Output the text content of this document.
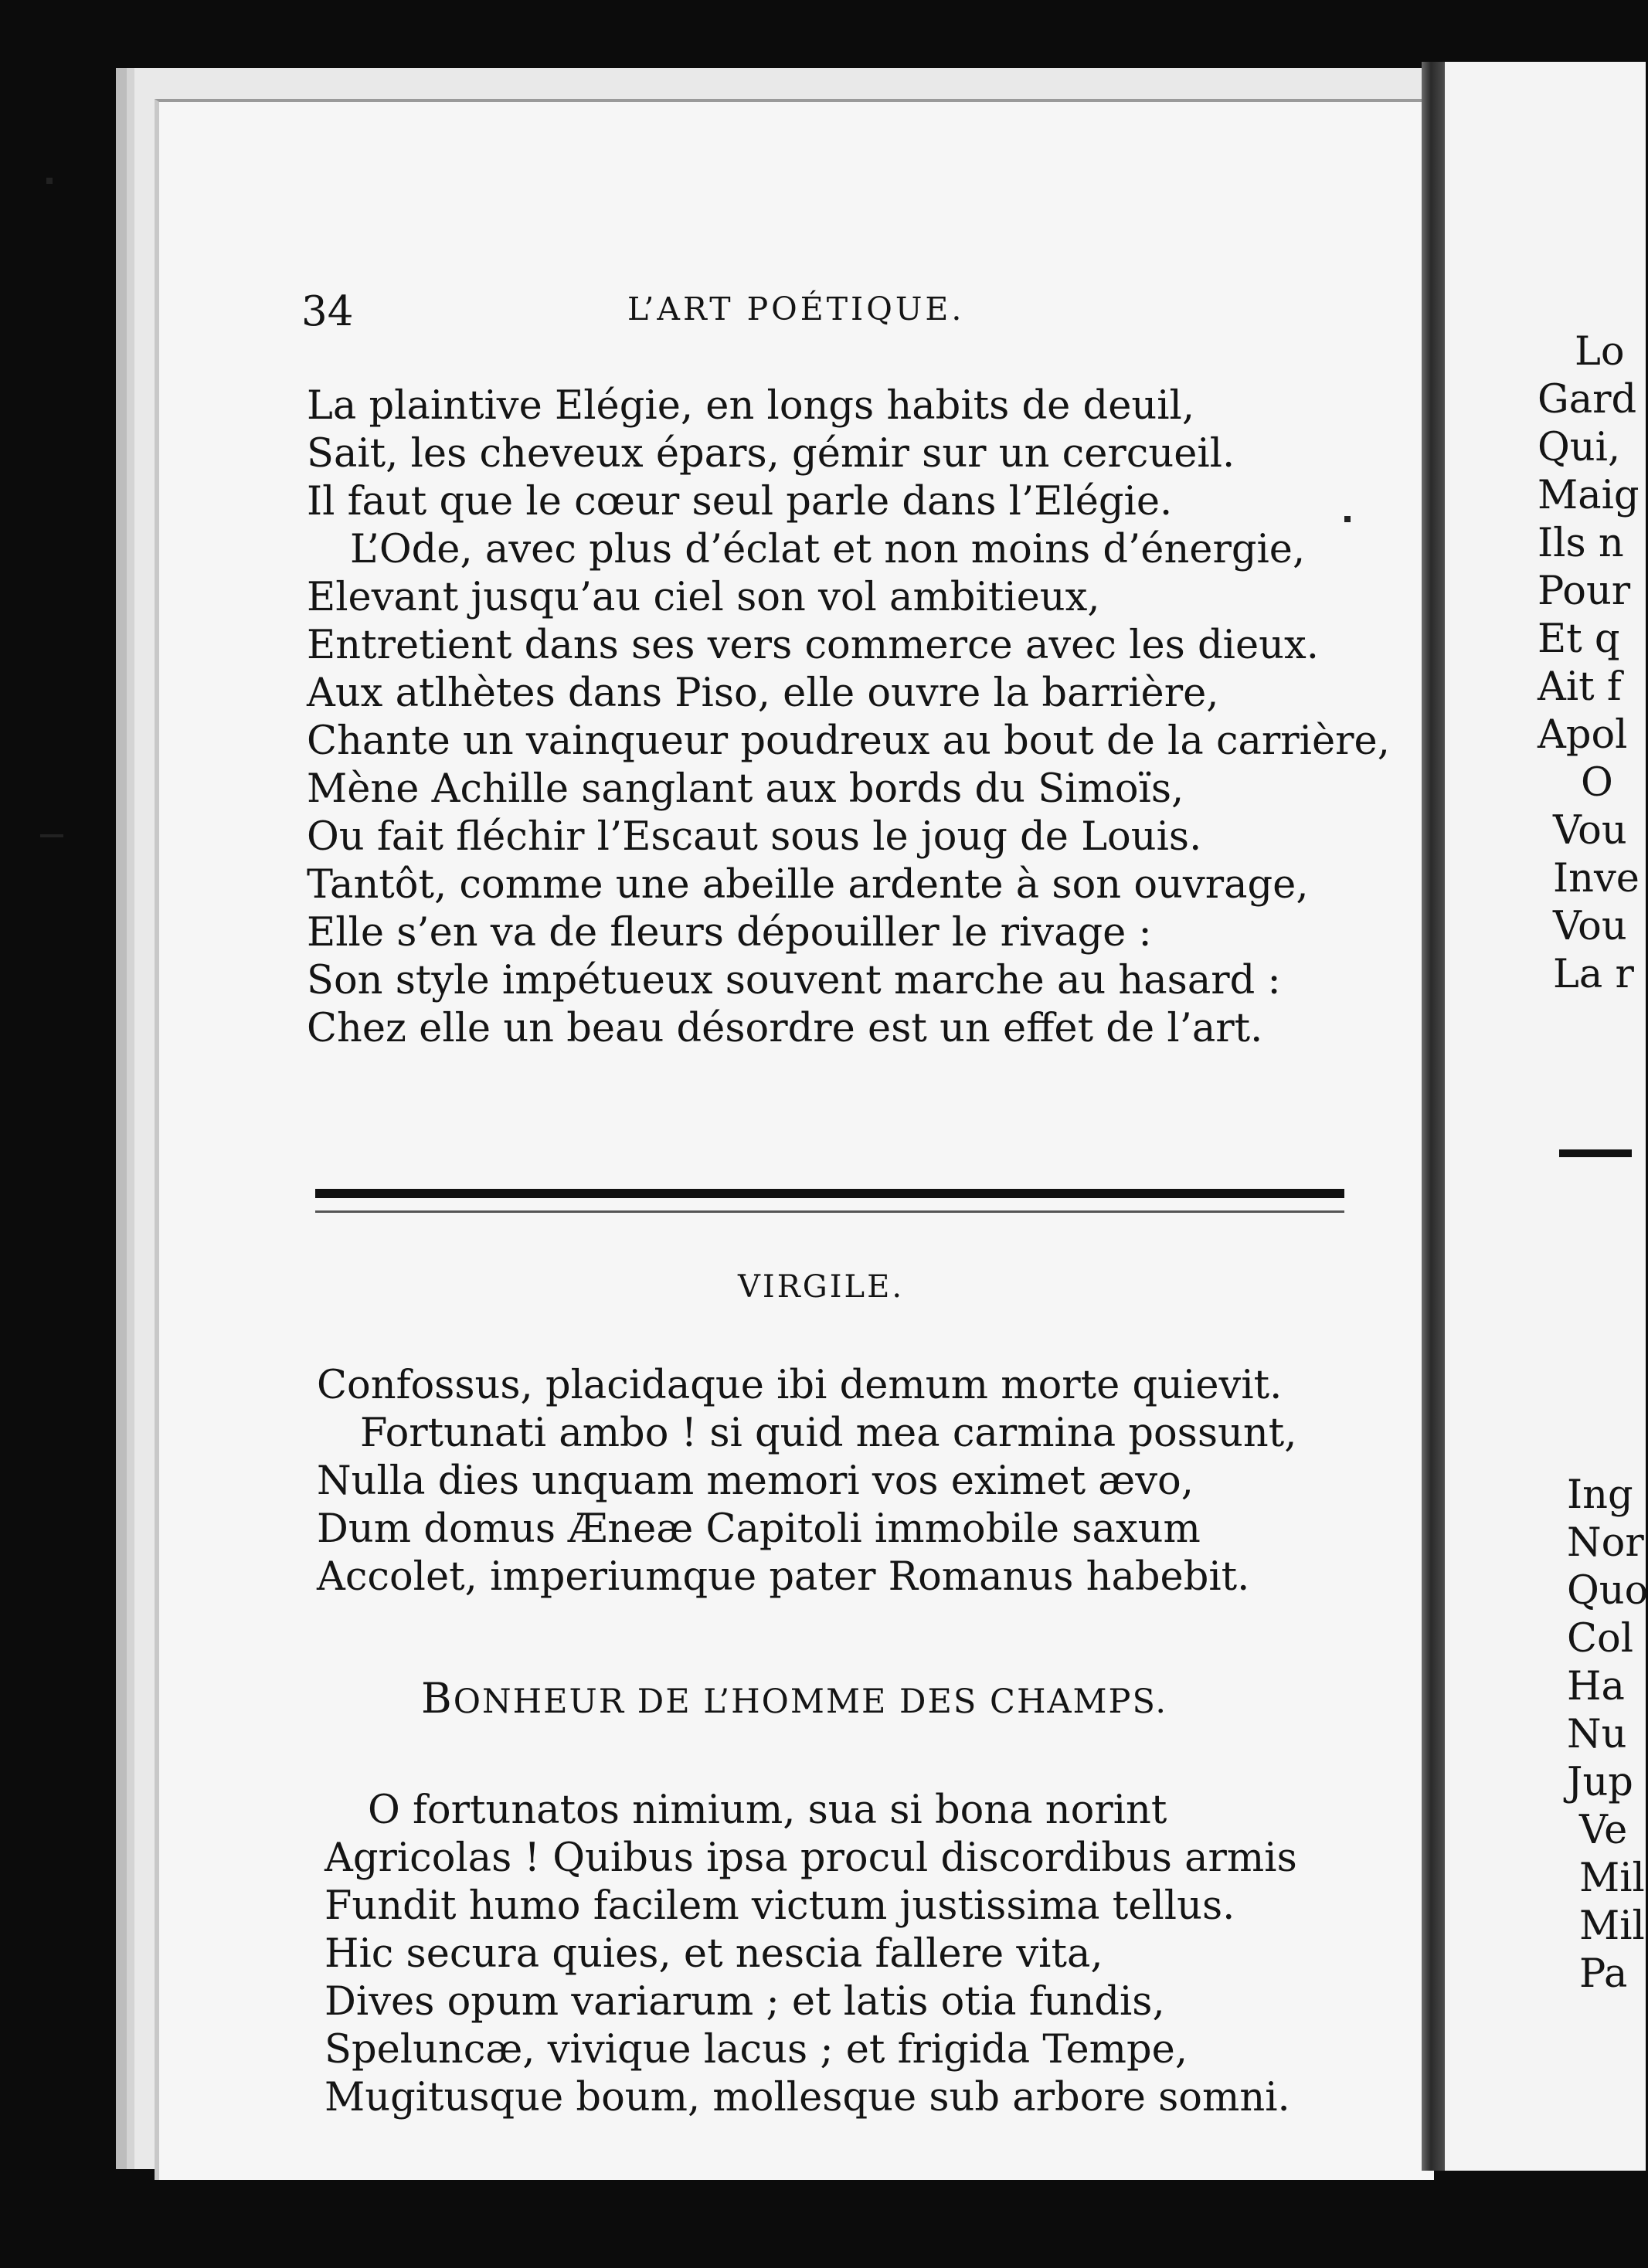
34	L’ART POÉTIQUE.
La plaintive Elégie, en longs habits de deuil,
Sait, les cheveux épars, gémir sur un cercueil.
Il faut que le cœur seul parle dans l’Elégie.
L’Ode, avec plus d’éclat et non moins d’énergie,
Elevant jusqu’au ciel son vol ambitieux,
Entretient dans ses vers commerce avec les dieux.
Aux atlhètes dans Piso, elle ouvre la barrière,
Chante un vainqueur poudreux au bout de la carrière,
Mène Achille sanglant aux bords du Simoïs,
Ou fait fléchir l’Escaut sous le joug de Louis.
Tantôt, comme une abeille ardente à son ouvrage,
Elle s’en va de fleurs dépouiller le rivage :
Son style impétueux souvent marche au hasard :
Chez elle un beau désordre est un effet de l’art.
VIRGILE.
Confossus, placidaque ibi demum morte quievit.
Fortunati ambo ! si quid mea carmina possunt,
Nulla dies unquam memori vos eximet ævo,
Dum domus Æneæ Capitoli immobile saxum
Accolet, imperiumque pater Romanus habebit.
BONHEUR DE L’HOMME DES CHAMPS.
O fortunatos nimium, sua si bona norint
Agricolas ! Quibus ipsa procul discordibus armis
Fundit humo facilem victum justissima tellus.
Hic secura quies, et nescia fallere vita,
Dives opum variarum ; et latis otia fundis,
Speluncæ, vivique lacus ; et frigida Tempe,
Mugitusque boum, mollesque sub arbore somni.
Lo
Gard
Qui,
Maig
Ils n
Pour
Et q
Ait f
Apol
O
Vou
Inve
Vou
La r
Ing
Nor
Quo
Col
Ha
Nu
Jup
Ve
Mil
Mil
Pa
